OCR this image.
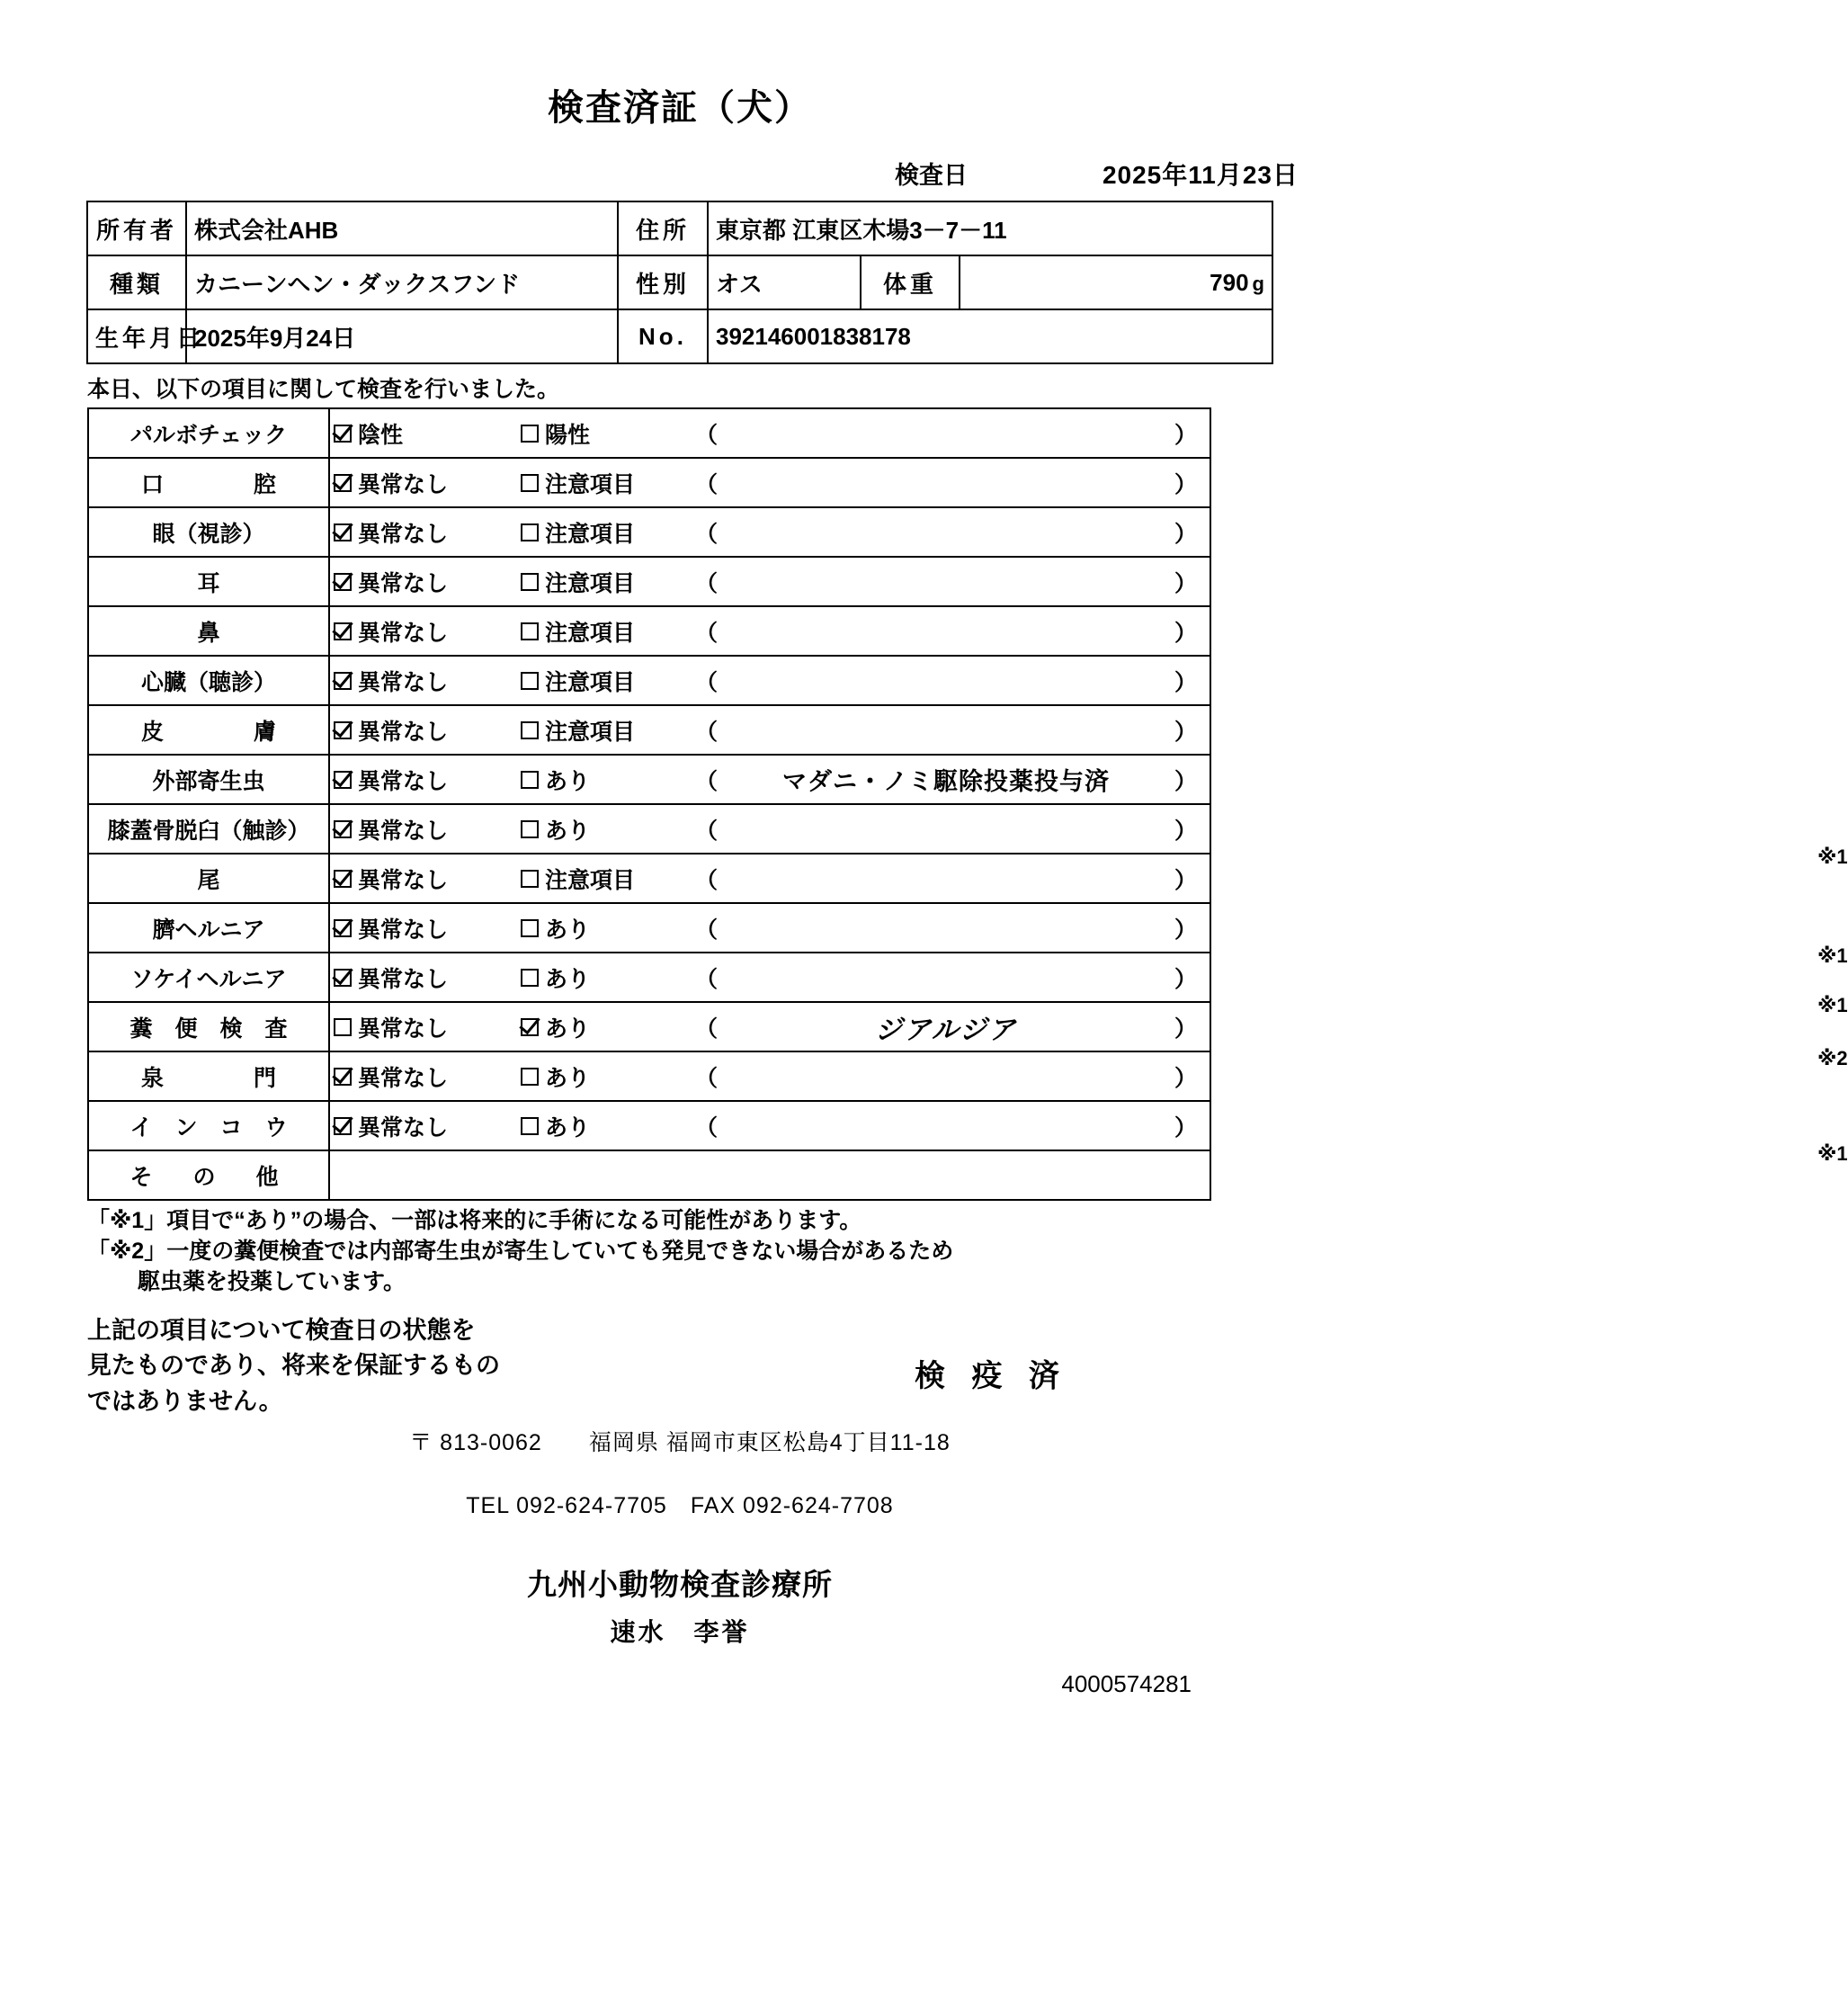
検査済証（犬）
検査日	2025年11月23日
所有者	株式会社AHB	住所	東京都 江東区木場3－7－11		
種類	カニーンヘン・ダックスフンド	性別	オス	体重	790 g
生年月日	2025年9月24日	No.	392146001838178		
本日、以下の項目に関して検査を行いました。
パルボチェック	陰性	陽性	（ ）

口　　　　腔	異常なし	注意項目	（ ）

眼（視診）	異常なし	注意項目	（ ）

耳	異常なし	注意項目	（ ）

鼻	異常なし	注意項目	（ ）

心臓（聴診）	異常なし	注意項目	（ ）

皮　　　　膚	異常なし	注意項目	（ ）

外部寄生虫	異常なし	あり	（ マダニ・ノミ駆除投薬投与済 ）

膝蓋骨脱臼（触診）	異常なし	あり	（ ）
※1

尾	異常なし	注意項目	（ ）

臍ヘルニア	異常なし	あり	（ ）
※1

ソケイヘルニア	異常なし	あり	（ ）
※1

糞　便　検　査	異常なし	あり	（ ジアルジア ）
※2

泉　　　　門	異常なし	あり	（ ）

イ　ン　コ　ウ	異常なし	あり	（ ）
※1

そ　の　他			
「※1」項目で“あり”の場合、一部は将来的に手術になる可能性があります。
「※2」一度の糞便検査では内部寄生虫が寄生していても発見できない場合があるため
駆虫薬を投薬しています。
上記の項目について検査日の状態を
見たものであり、将来を保証するもの
ではありません。
検 疫 済
〒 813-0062　　福岡県 福岡市東区松島4丁目11-18
TEL 092-624-7705　FAX 092-624-7708
九州小動物検査診療所
速水　李誉
4000574281
